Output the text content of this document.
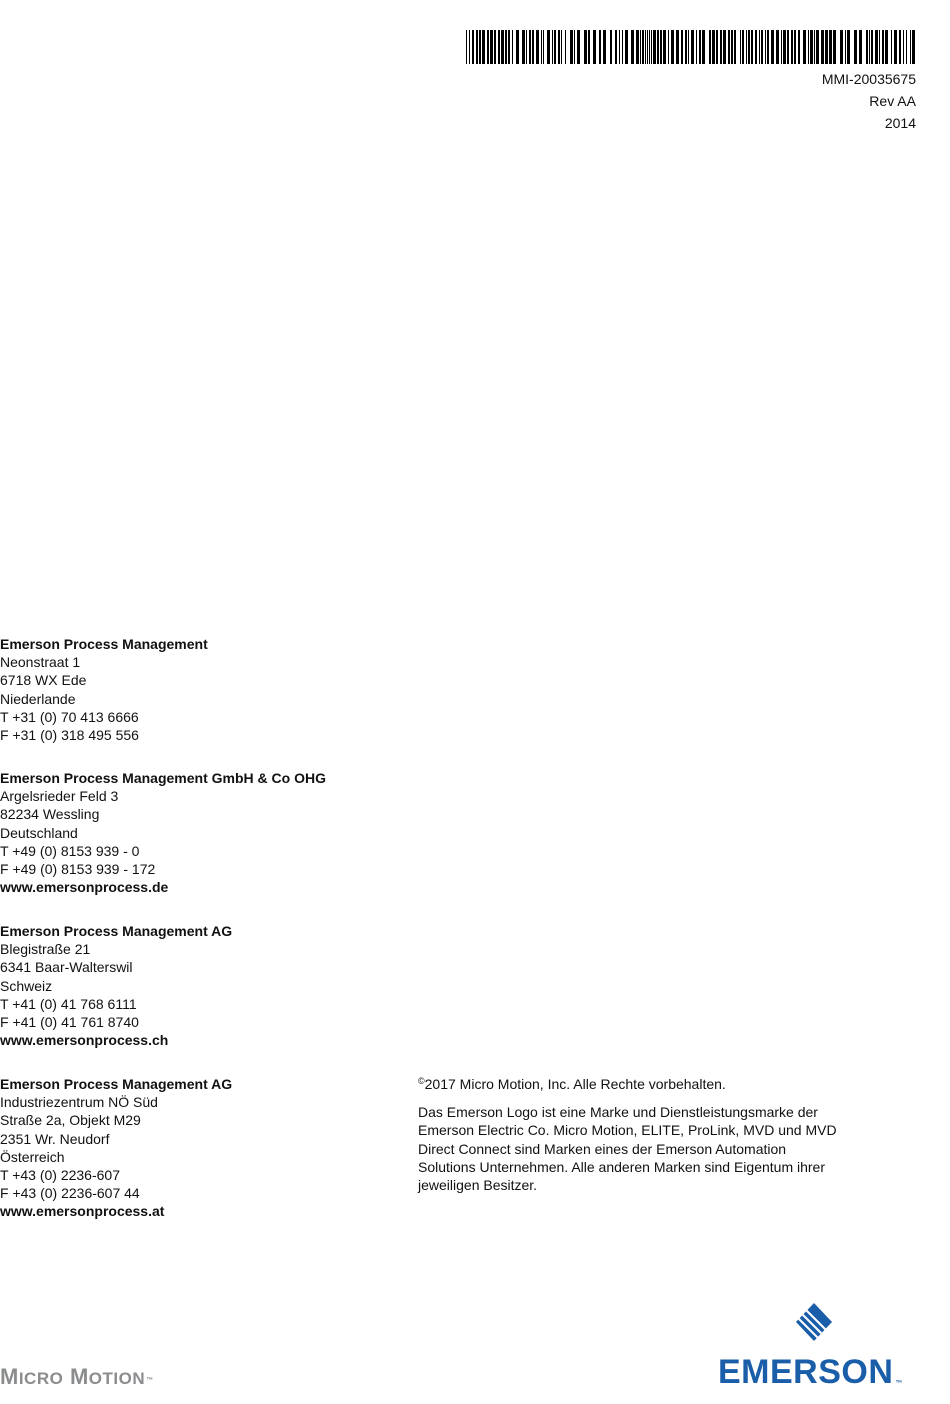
MMI-20035675
Rev AA
2014
Emerson Process Management
Neonstraat 1
6718 WX Ede
Niederlande
T +31 (0) 70 413 6666
F +31 (0) 318 495 556
Emerson Process Management GmbH & Co OHG
Argelsrieder Feld 3
82234 Wessling
Deutschland
T +49 (0) 8153 939 - 0
F +49 (0) 8153 939 - 172
www.emersonprocess.de
Emerson Process Management AG
Blegistraße 21
6341 Baar-Walterswil
Schweiz
T +41 (0) 41 768 6111
F +41 (0) 41 761 8740
www.emersonprocess.ch
Emerson Process Management AG
Industriezentrum NÖ Süd
Straße 2a, Objekt M29
2351 Wr. Neudorf
Österreich
T +43 (0) 2236-607
F +43 (0) 2236-607 44
www.emersonprocess.at

©2017 Micro Motion, Inc. Alle Rechte vorbehalten.

Das Emerson Logo ist eine Marke und Dienstleistungsmarke der Emerson Electric Co. Micro Motion, ELITE, ProLink, MVD und MVD Direct Connect sind Marken eines der Emerson Automation Solutions Unternehmen. Alle anderen Marken sind Eigentum ihrer jeweiligen Besitzer.

MICRO MOTION™	EMERSON ™
